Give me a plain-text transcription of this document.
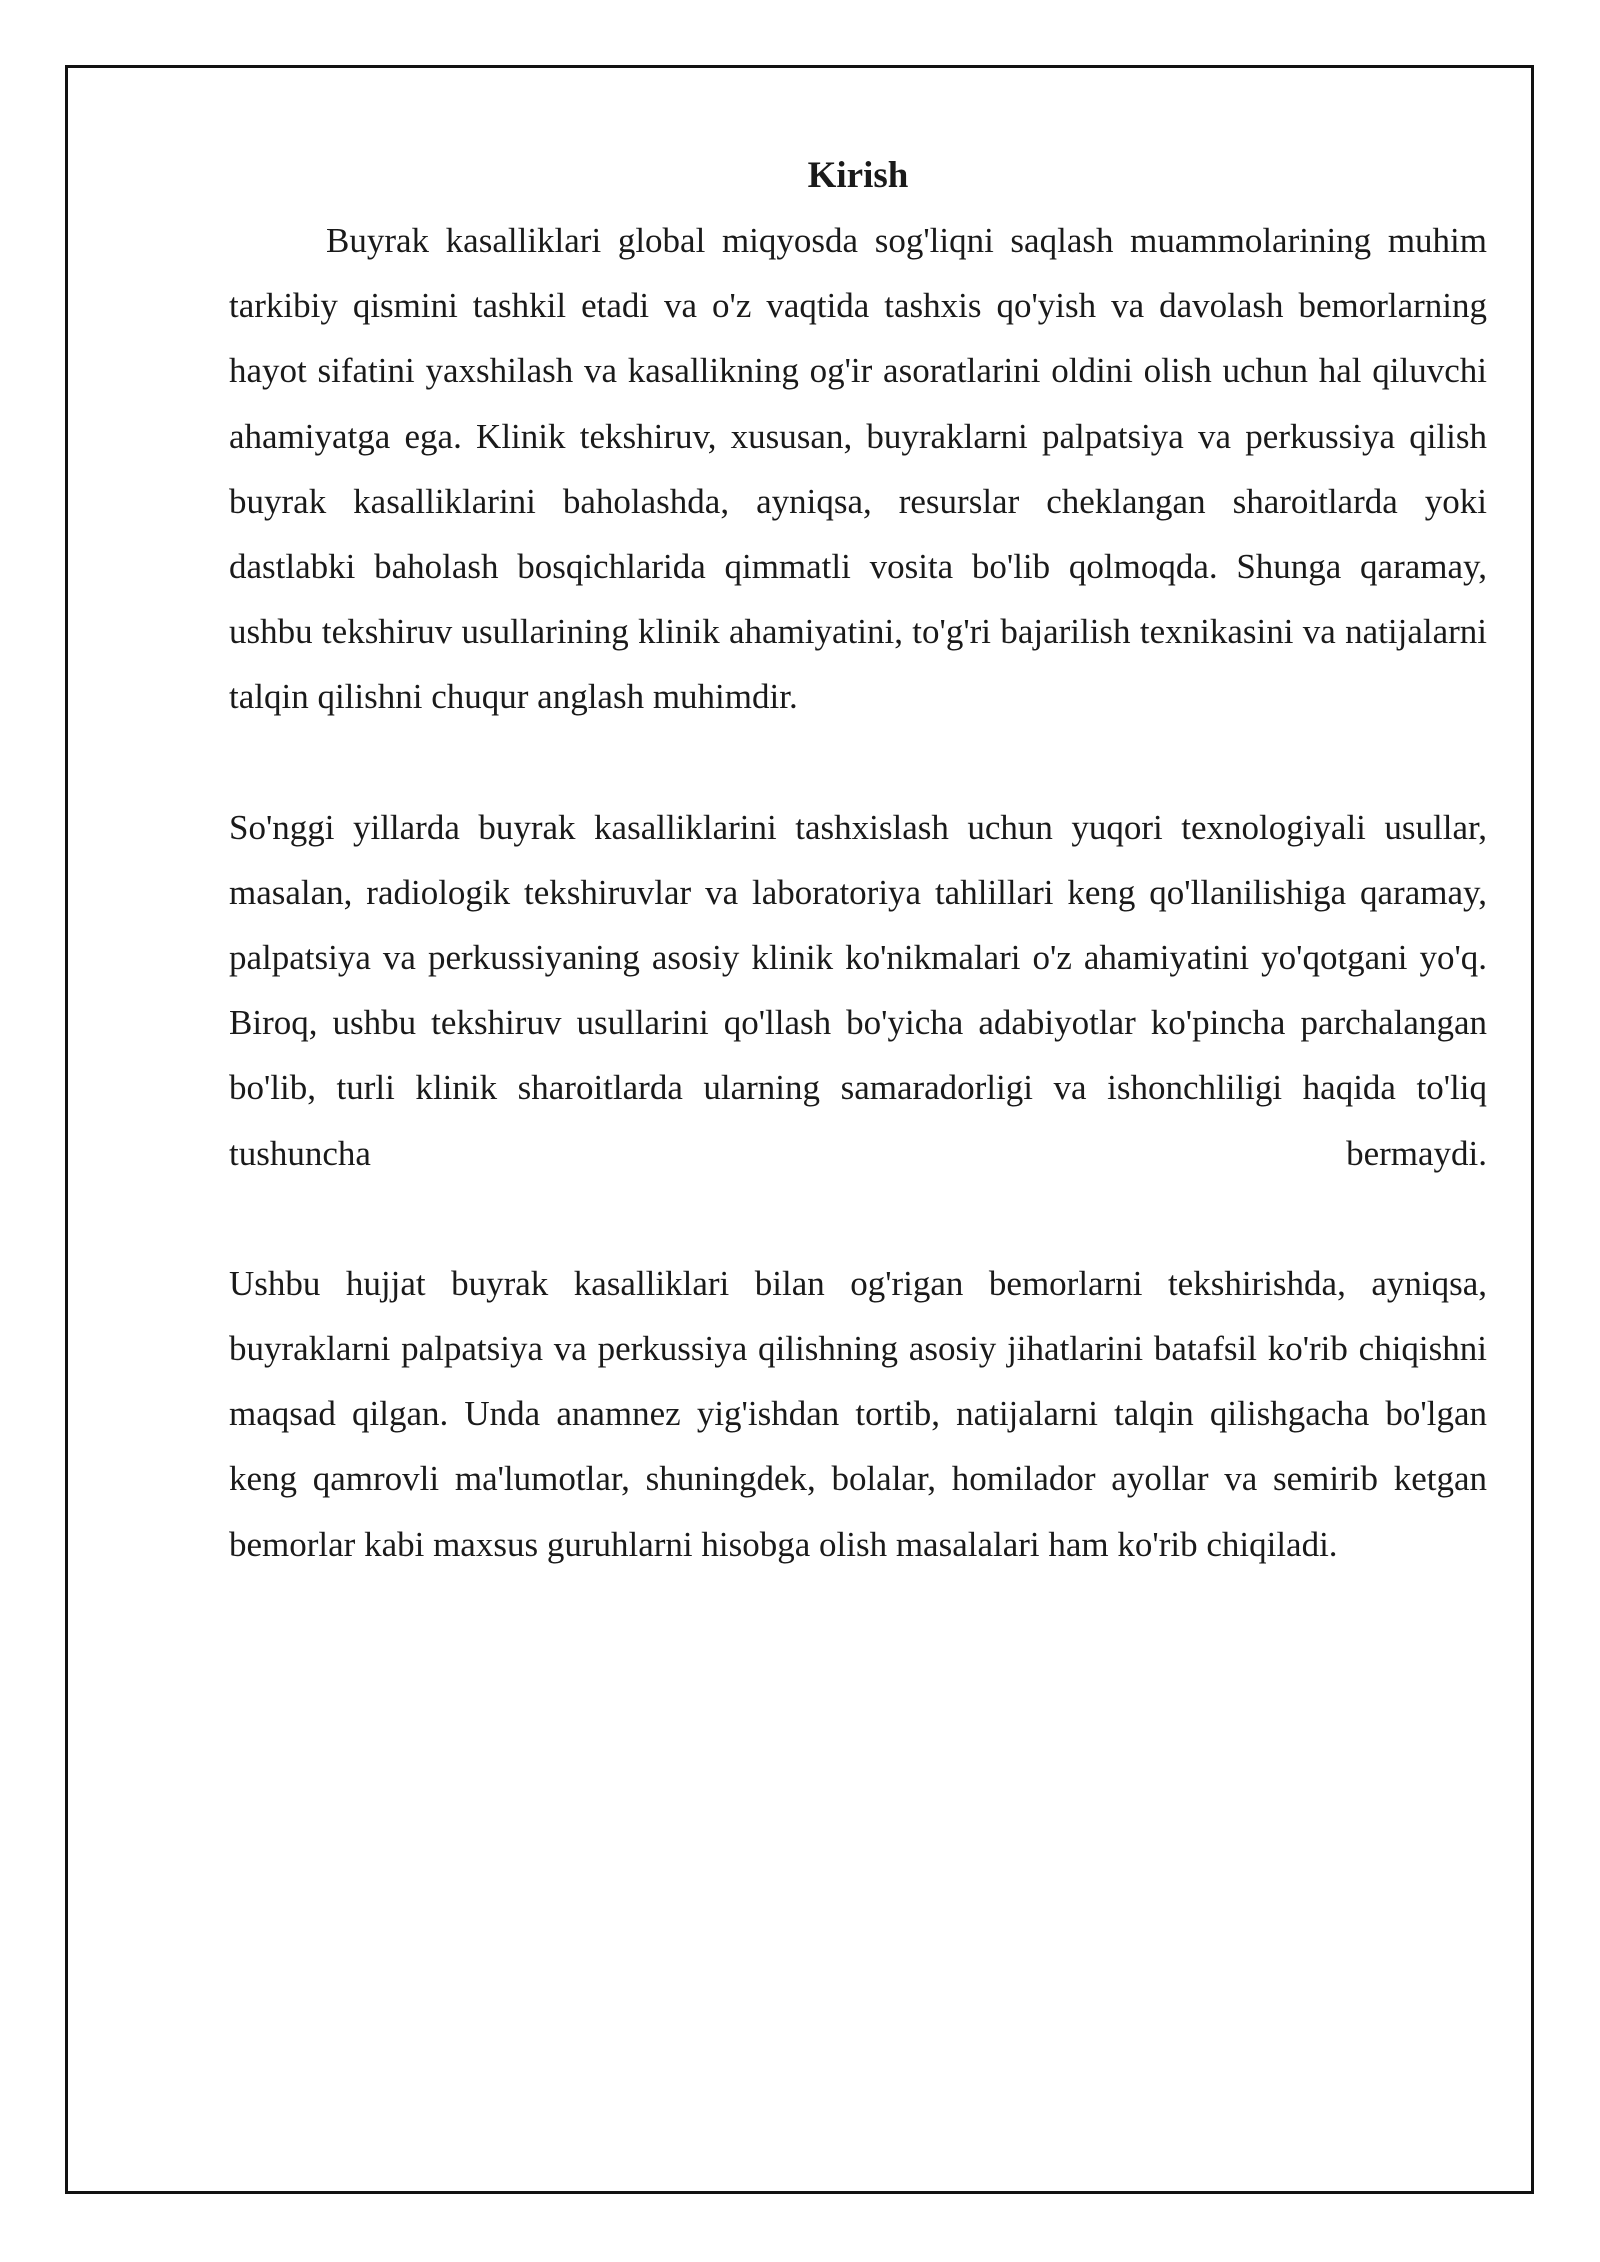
Kirish

Buyrak kasalliklari global miqyosda sog'liqni saqlash muammolarining muhim tarkibiy qismini tashkil etadi va o'z vaqtida tashxis qo'yish va davolash bemorlarning hayot sifatini yaxshilash va kasallikning og'ir asoratlarini oldini olish uchun hal qiluvchi ahamiyatga ega. Klinik tekshiruv, xususan, buyraklarni palpatsiya va perkussiya qilish buyrak kasalliklarini baholashda, ayniqsa, resurslar cheklangan sharoitlarda yoki dastlabki baholash bosqichlarida qimmatli vosita bo'lib qolmoqda. Shunga qaramay, ushbu tekshiruv usullarining klinik ahamiyatini, to'g'ri bajarilish texnikasini va natijalarni talqin qilishni chuqur anglash muhimdir.

So'nggi yillarda buyrak kasalliklarini tashxislash uchun yuqori texnologiyali usullar, masalan, radiologik tekshiruvlar va laboratoriya tahlillari keng qo'llanilishiga qaramay, palpatsiya va perkussiyaning asosiy klinik ko'nikmalari o'z ahamiyatini yo'qotgani yo'q. Biroq, ushbu tekshiruv usullarini qo'llash bo'yicha adabiyotlar ko'pincha parchalangan bo'lib, turli klinik sharoitlarda ularning samaradorligi va ishonchliligi haqida to'liq tushuncha bermaydi.

Ushbu hujjat buyrak kasalliklari bilan og'rigan bemorlarni tekshirishda, ayniqsa, buyraklarni palpatsiya va perkussiya qilishning asosiy jihatlarini batafsil ko'rib chiqishni maqsad qilgan. Unda anamnez yig'ishdan tortib, natijalarni talqin qilishgacha bo'lgan keng qamrovli ma'lumotlar, shuningdek, bolalar, homilador ayollar va semirib ketgan bemorlar kabi maxsus guruhlarni hisobga olish masalalari ham ko'rib chiqiladi.
